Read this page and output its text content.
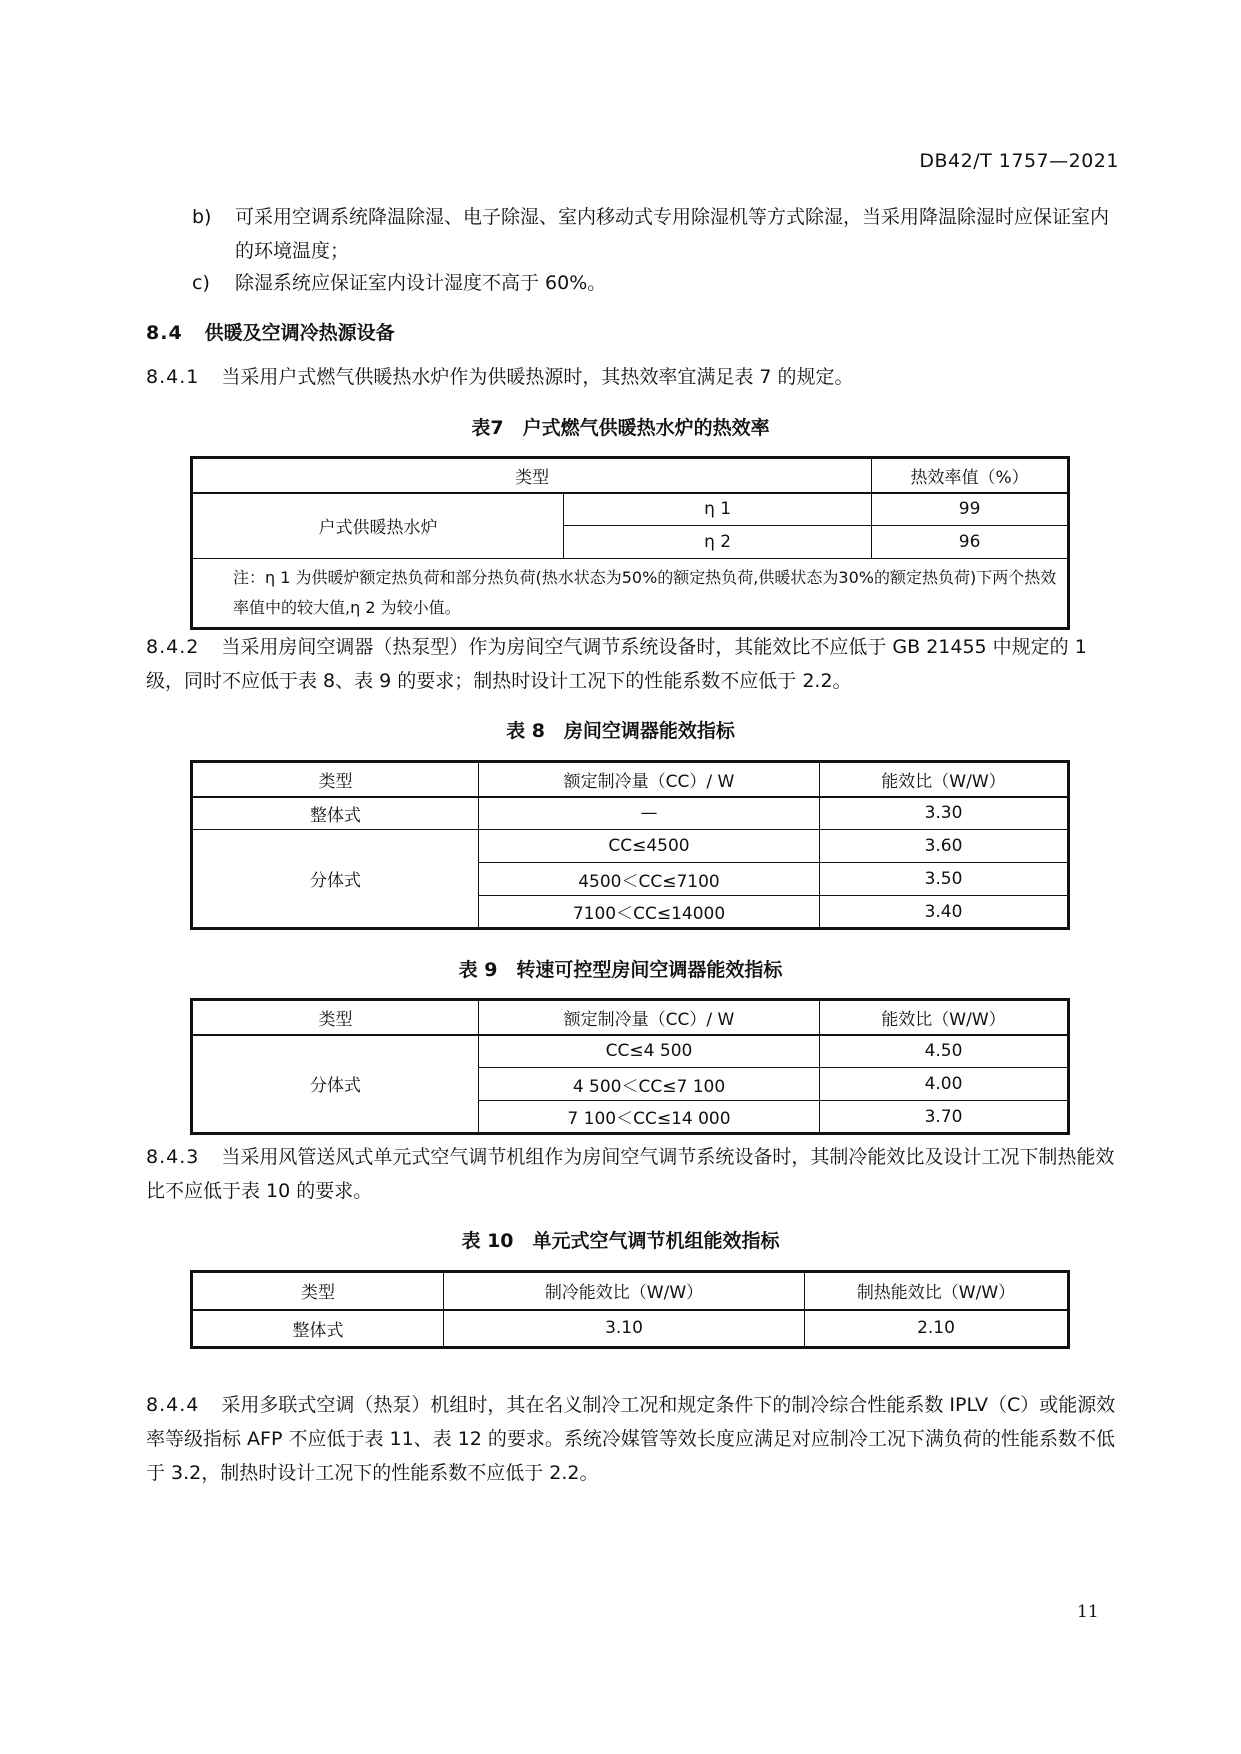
DB42/T 1757—2021
b) 可采用空调系统降温除湿、电子除湿、室内移动式专用除湿机等方式除湿，当采用降温除湿时应保证室内的环境温度；
c) 除湿系统应保证室内设计湿度不高于 60%。
8.4 供暖及空调冷热源设备
8.4.1 当采用户式燃气供暖热水炉作为供暖热源时，其热效率宜满足表 7 的规定。
表7　户式燃气供暖热水炉的热效率
类型		热效率值（%）
户式供暖热水炉	η 1	99
	η 2	96
注：η 1 为供暖炉额定热负荷和部分热负荷(热水状态为50%的额定热负荷,供暖状态为30%的额定热负荷)下两个热效率值中的较大值,η 2 为较小值。		
8.4.2 当采用房间空调器（热泵型）作为房间空气调节系统设备时，其能效比不应低于 GB 21455 中规定的 1 级，同时不应低于表 8、表 9 的要求；制热时设计工况下的性能系数不应低于 2.2。
表 8　房间空调器能效指标
类型	额定制冷量（CC）/ W	能效比（W/W）
整体式	—	3.30
分体式	CC≤4500	3.60
	4500＜CC≤7100	3.50
	7100＜CC≤14000	3.40
表 9　转速可控型房间空调器能效指标
类型	额定制冷量（CC）/ W	能效比（W/W）
分体式	CC≤4 500	4.50
	4 500＜CC≤7 100	4.00
	7 100＜CC≤14 000	3.70
8.4.3 当采用风管送风式单元式空气调节机组作为房间空气调节系统设备时，其制冷能效比及设计工况下制热能效比不应低于表 10 的要求。
表 10　单元式空气调节机组能效指标
类型	制冷能效比（W/W）	制热能效比（W/W）
整体式	3.10	2.10
8.4.4 采用多联式空调（热泵）机组时，其在名义制冷工况和规定条件下的制冷综合性能系数 IPLV（C）或能源效率等级指标 AFP 不应低于表 11、表 12 的要求。系统冷媒管等效长度应满足对应制冷工况下满负荷的性能系数不低于 3.2，制热时设计工况下的性能系数不应低于 2.2。
11
